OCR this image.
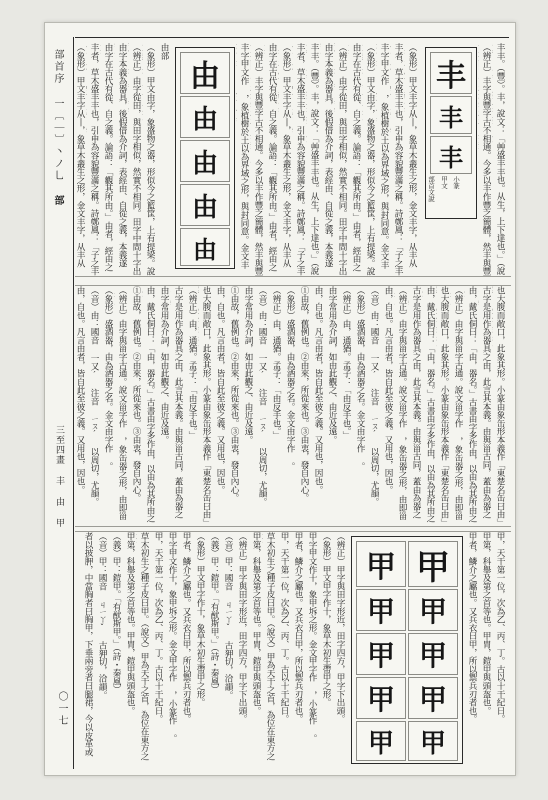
部首序 一〔｜〕丶ノ乚 部
三至四畫 丰 由 甲
〇一七
丰丰。（豐）。丰，說文：「艸盛丰丰也。从生，上下達也。」（說
（辨正）丰字與豐字古不相通。今多以丰作豐之簡體，然丰與豐
丰
丰
丰
部首文說 甲文 小篆
（象形）甲文丰字从丨，象草木叢生之形，金文丰字，从丰从
丰者，草木盛丰丰也，引申為容貌豐滿之稱。詩鄭風：「子之丰
丰字甲文作 ，象植樹於土以為界域之形，與封同意。金文丰
（象形）甲文由字，象盛物之器，形似今之籃筐，上有提梁。說
由字在古代有從、自之義。論語：「觀其所由。」由者，經由之
（辨正）由字從田，與田字相似，然實不相同。田字中間十字出
由字本義為器具，後假借為介詞，表經由、自從之義，本義遂
丰丰。（豐）。丰，說文：「艸盛丰丰也。从生，上下達也。」（說
丰者，草木盛丰丰也，引申為容貌豐滿之稱。詩鄭風：「子之丰
（象形）甲文丰字从丨，象草木叢生之形，金文丰字，从丰从
由字在古代有從、自之義。論語：「觀其所由。」由者，經由之
（辨正）丰字與豐字古不相通。今多以丰作豐之簡體，然丰與豐
丰字甲文作 ，象植樹於土以為界域之形，與封同意。金文丰
由
由
由
由
由
由部
（象形）甲文由字，象盛物之器，形似今之籃筐，上有提梁。說
（辨正）由字從田，與田字相似，然實不相同。田字中間十字出
由字本義為器具，後假借為介詞，表經由、自從之義，本義遂
由字在古代有從、自之義。論語：「觀其所由。」由者，經由之
丰者，草木盛丰丰也，引申為容貌豐滿之稱。詩鄭風：「子之丰
（象形）甲文丰字从丨，象草木叢生之形，金文丰字，从丰从
也大腹而敞口，此象其形。小篆由象缶形本義作「東楚名缶曰由」
古字是用作為器具之由，此言其本義。由與甾古同，蓋由為器之
由，戴氏侗曰：「由，器名。」古書由字多作由，以由為其所由之
（辨正）由字與甾字古通。說文甾字作 ，象缶器之形，由即甾
也大腹而敞口，此象其形。小篆由象缶形本義作「東楚名缶曰由」
由，戴氏侗曰：「由，器名。」古書由字多作由，以由為其所由之
古字是用作為器具之由，此言其本義。由與甾古同，蓋由為器之
（辨正）由字與甾字古通。說文甾字作 ，象缶器之形，由即甾
由，自也。凡言由者，皆自此至彼之義。又用也，因也。
（音）由：國音 一又ˊ　注音 ㄧㄡˊ　以周切，尤韻。
（象形）盛酒器，由為酒器之名。金文由字作 。
（辨正）由，通猶。孟子：「由反手也。」
由字常用為介詞，如由此觀之、由近及遠。
由，自也。凡言由者，皆自此至彼之義。又用也，因也。
①由故，舊例也。②由來，所從來也。③由衷，發自內心。
（象形）盛酒器，由為酒器之名。金文由字作 。
（辨正）由，通猶。孟子：「由反手也。」
（音）由：國音 一又ˊ　注音 ㄧㄡˊ　以周切，尤韻。
由字常用為介詞，如由此觀之、由近及遠。
①由故，舊例也。②由來，所從來也。③由衷，發自內心。
由，自也。凡言由者，皆自此至彼之義。又用也，因也。
也大腹而敞口，此象其形。小篆由象缶形本義作「東楚名缶曰由」
（辨正）由，通猶。孟子：「由反手也。」
古字是用作為器具之由，此言其本義。由與甾古同，蓋由為器之
由字常用為介詞，如由此觀之、由近及遠。
由，戴氏侗曰：「由，器名。」古書由字多作由，以由為其所由之
①由故，舊例也。②由來，所從來也。③由衷，發自內心。
（辨正）由字與甾字古通。說文甾字作 ，象缶器之形，由即甾
（象形）盛酒器，由為酒器之名。金文由字作 。
（音）由：國音 一又ˊ　注音 ㄧㄡˊ　以周切，尤韻。
由，自也。凡言由者，皆自此至彼之義。又用也，因也。
甲，天干第一位，次為乙、丙、丁。古以十干紀日。
甲第，科舉及第之首等也。甲胄，鎧甲與頭盔也。
甲者，鱗介之屬也。又兵衣曰甲，所以禦兵刃者也。
甲
甲
甲
甲
甲
甲
甲
甲
甲
甲
（辨正）甲字與田字形近，田字四方，甲字下出頭。
（象形）甲文甲字作十，象草木初生帶甲之形。
甲字甲文作十，象甲坼之形。金文甲字作 ，小篆作 。
甲者，鱗介之屬也。又兵衣曰甲，所以禦兵刃者也。
甲，天干第一位，次為乙、丙、丁。古以十干紀日。
草木初生之種子皮曰甲。（說文）甲為天干之首，為位在東方之
甲第，科舉及第之首等也。甲胄，鎧甲與頭盔也。
（辨正）甲字與田字形近，田字四方，甲字下出頭。
（音）甲：國音 ㄐㄧㄚˇ　古狎切，洽韻。
（義）甲：鎧甲。「有猷斯甲。」（詩・秦風）
（象形）甲文甲字作十，象草木初生帶甲之形。
甲者，鱗介之屬也。又兵衣曰甲，所以禦兵刃者也。
甲字甲文作十，象甲坼之形。金文甲字作 ，小篆作 。
甲，天干第一位，次為乙、丙、丁。古以十干紀日。
草木初生之種子皮曰甲。（說文）甲為天干之首，為位在東方之
甲第，科舉及第之首等也。甲胄，鎧甲與頭盔也。
（義）甲：鎧甲。「有猷斯甲。」（詩・秦風）
（音）甲：國音 ㄐㄧㄚˇ　古狎切，洽韻。
者以披胛，中當胸者曰胸甲，下垂兩旁者曰腿裙，今以皮革或
